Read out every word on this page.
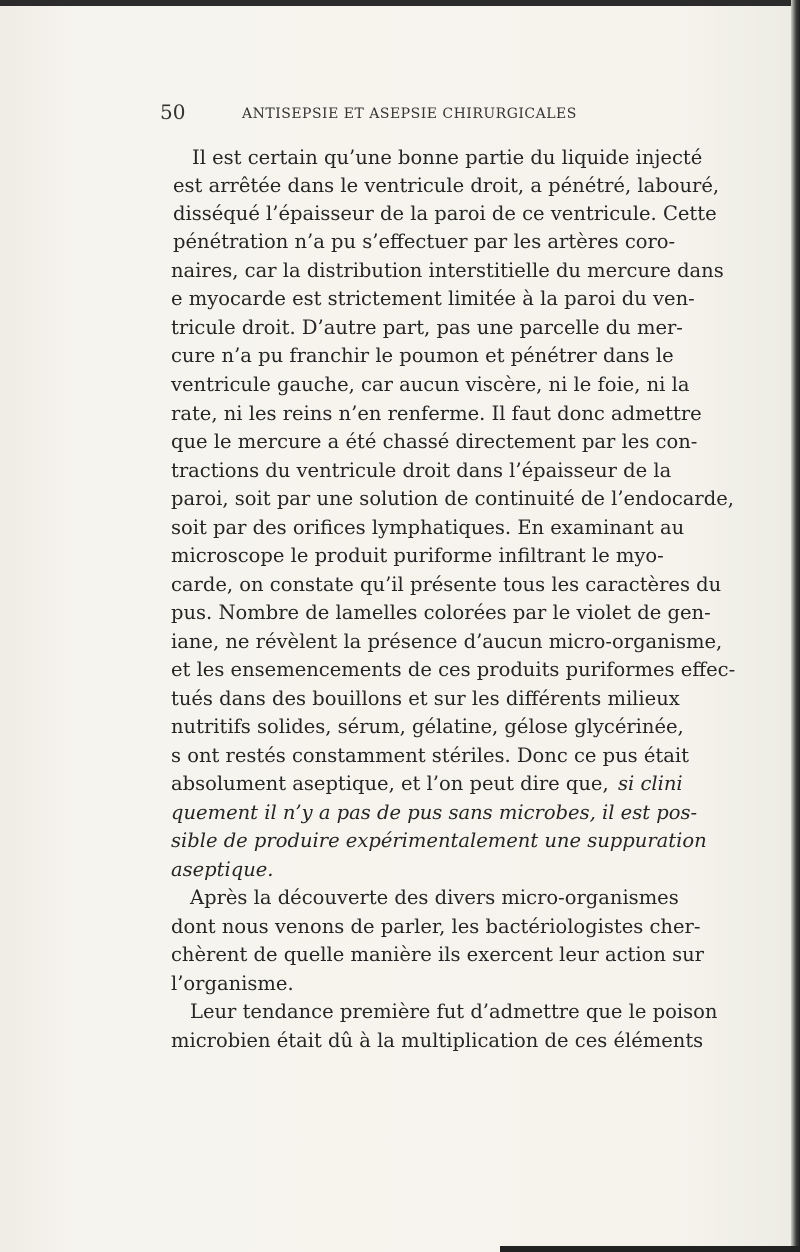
50	ANTISEPSIE ET ASEPSIE CHIRURGICALES
Il est certain qu’une bonne partie du liquide injecté
est arrêtée dans le ventricule droit, a pénétré, labouré,
disséqué l’épaisseur de la paroi de ce ventricule. Cette
pénétration n’a pu s’effectuer par les artères coro-
naires, car la distribution interstitielle du mercure dans
e myocarde est strictement limitée à la paroi du ven-
tricule droit. D’autre part, pas une parcelle du mer-
cure n’a pu franchir le poumon et pénétrer dans le
ventricule gauche, car aucun viscère, ni le foie, ni la
rate, ni les reins n’en renferme. Il faut donc admettre
que le mercure a été chassé directement par les con-
tractions du ventricule droit dans l’épaisseur de la
paroi, soit par une solution de continuité de l’endocarde,
soit par des orifices lymphatiques. En examinant au
microscope le produit puriforme infiltrant le myo-
carde, on constate qu’il présente tous les caractères du
pus. Nombre de lamelles colorées par le violet de gen-
iane, ne révèlent la présence d’aucun micro-organisme,
et les ensemencements de ces produits puriformes effec-
tués dans des bouillons et sur les différents milieux
nutritifs solides, sérum, gélatine, gélose glycérinée,
s ont restés constamment stériles. Donc ce pus était
absolument aseptique, et l’on peut dire que, si clini
quement il n’y a pas de pus sans microbes, il est pos-
sible de produire expérimentalement une suppuration
aseptique.
Après la découverte des divers micro-organismes
dont nous venons de parler, les bactériologistes cher-
chèrent de quelle manière ils exercent leur action sur
l’organisme.
Leur tendance première fut d’admettre que le poison
microbien était dû à la multiplication de ces éléments
